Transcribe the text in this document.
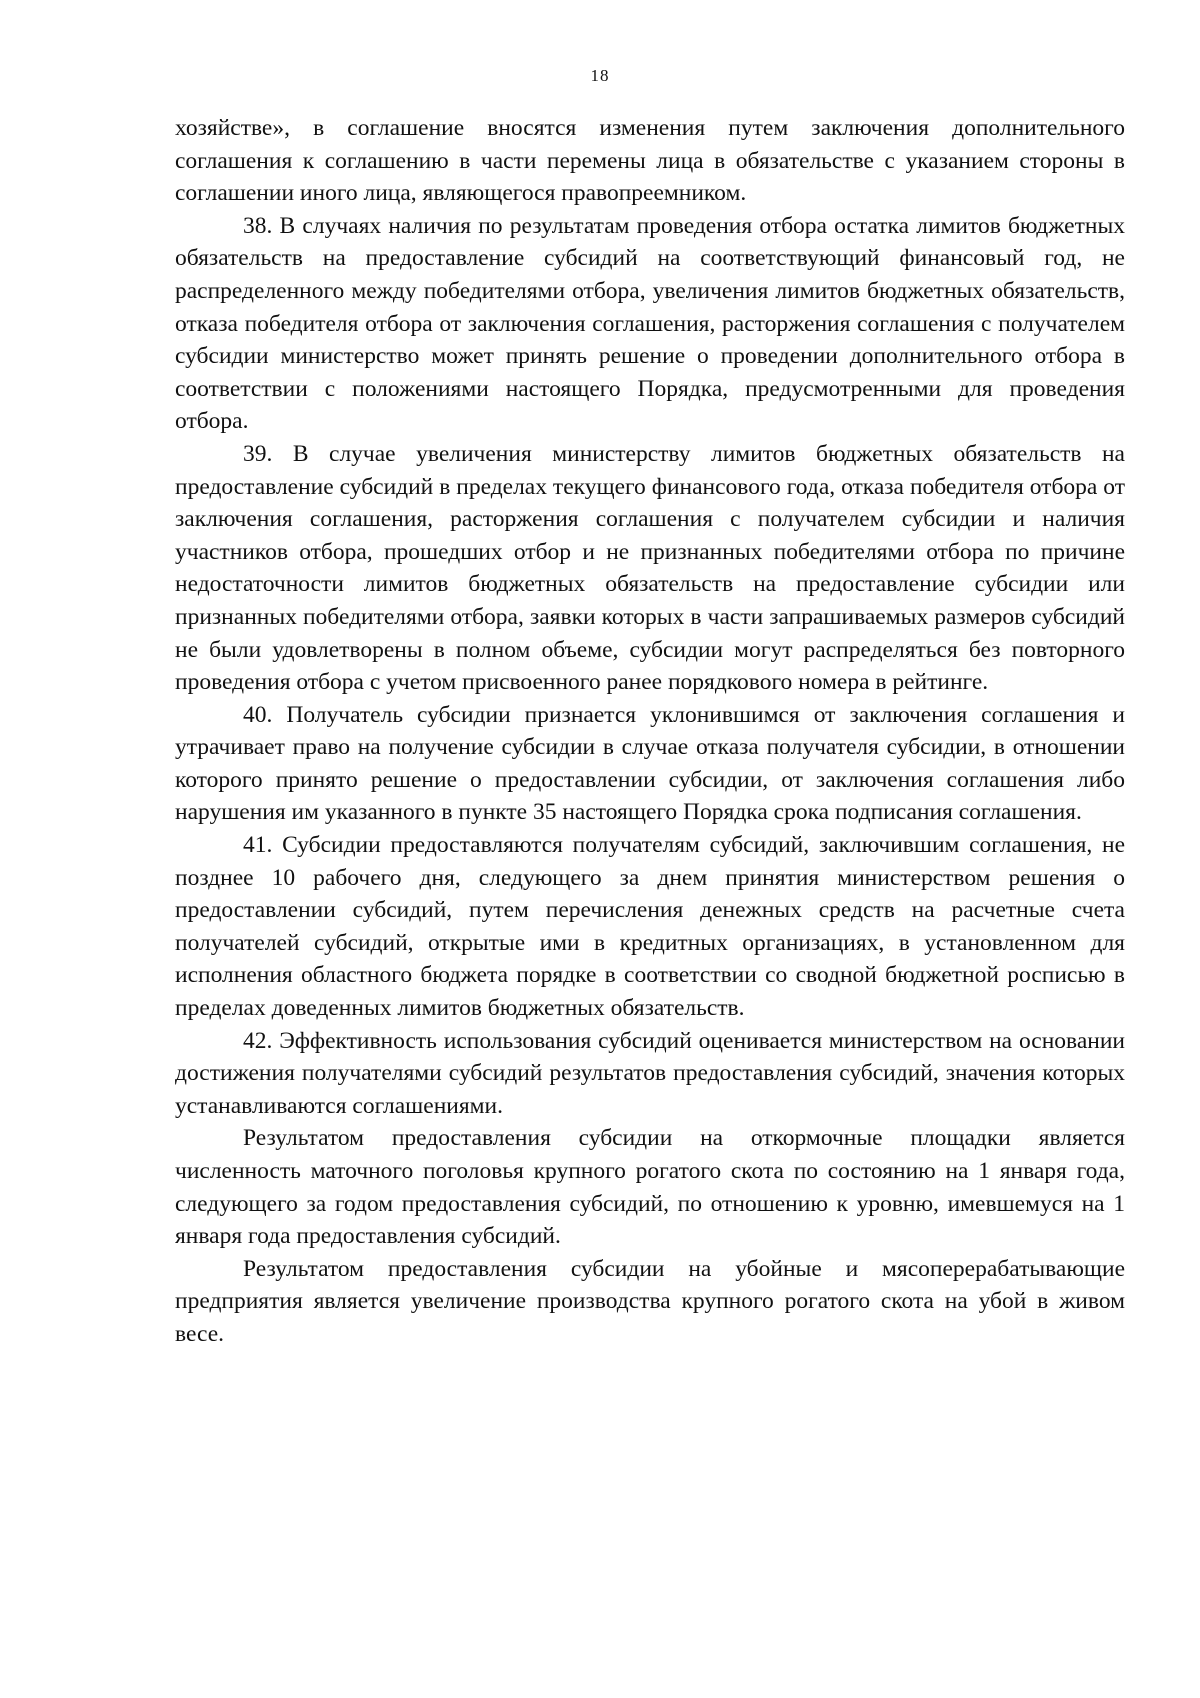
18

хозяйстве», в соглашение вносятся изменения путем заключения дополнительного соглашения к соглашению в части перемены лица в обязательстве с указанием стороны в соглашении иного лица, являющегося правопреемником.

38. В случаях наличия по результатам проведения отбора остатка лимитов бюджетных обязательств на предоставление субсидий на соответствующий финансовый год, не распределенного между победителями отбора, увеличения лимитов бюджетных обязательств, отказа победителя отбора от заключения соглашения, расторжения соглашения с получателем субсидии министерство может принять решение о проведении дополнительного отбора в соответствии с положениями настоящего Порядка, предусмотренными для проведения отбора.

39. В случае увеличения министерству лимитов бюджетных обязательств на предоставление субсидий в пределах текущего финансового года, отказа победителя отбора от заключения соглашения, расторжения соглашения с получателем субсидии и наличия участников отбора, прошедших отбор и не признанных победителями отбора по причине недостаточности лимитов бюджетных обязательств на предоставление субсидии или признанных победителями отбора, заявки которых в части запрашиваемых размеров субсидий не были удовлетворены в полном объеме, субсидии могут распределяться без повторного проведения отбора с учетом присвоенного ранее порядкового номера в рейтинге.

40. Получатель субсидии признается уклонившимся от заключения соглашения и утрачивает право на получение субсидии в случае отказа получателя субсидии, в отношении которого принято решение о предоставлении субсидии, от заключения соглашения либо нарушения им указанного в пункте 35 настоящего Порядка срока подписания соглашения.

41. Субсидии предоставляются получателям субсидий, заключившим соглашения, не позднее 10 рабочего дня, следующего за днем принятия министерством решения о предоставлении субсидий, путем перечисления денежных средств на расчетные счета получателей субсидий, открытые ими в кредитных организациях, в установленном для исполнения областного бюджета порядке в соответствии со сводной бюджетной росписью в пределах доведенных лимитов бюджетных обязательств.

42. Эффективность использования субсидий оценивается министерством на основании достижения получателями субсидий результатов предоставления субсидий, значения которых устанавливаются соглашениями.

Результатом предоставления субсидии на откормочные площадки является численность маточного поголовья крупного рогатого скота по состоянию на 1 января года, следующего за годом предоставления субсидий, по отношению к уровню, имевшемуся на 1 января года предоставления субсидий.

Результатом предоставления субсидии на убойные и мясоперерабатывающие предприятия является увеличение производства крупного рогатого скота на убой в живом весе.
